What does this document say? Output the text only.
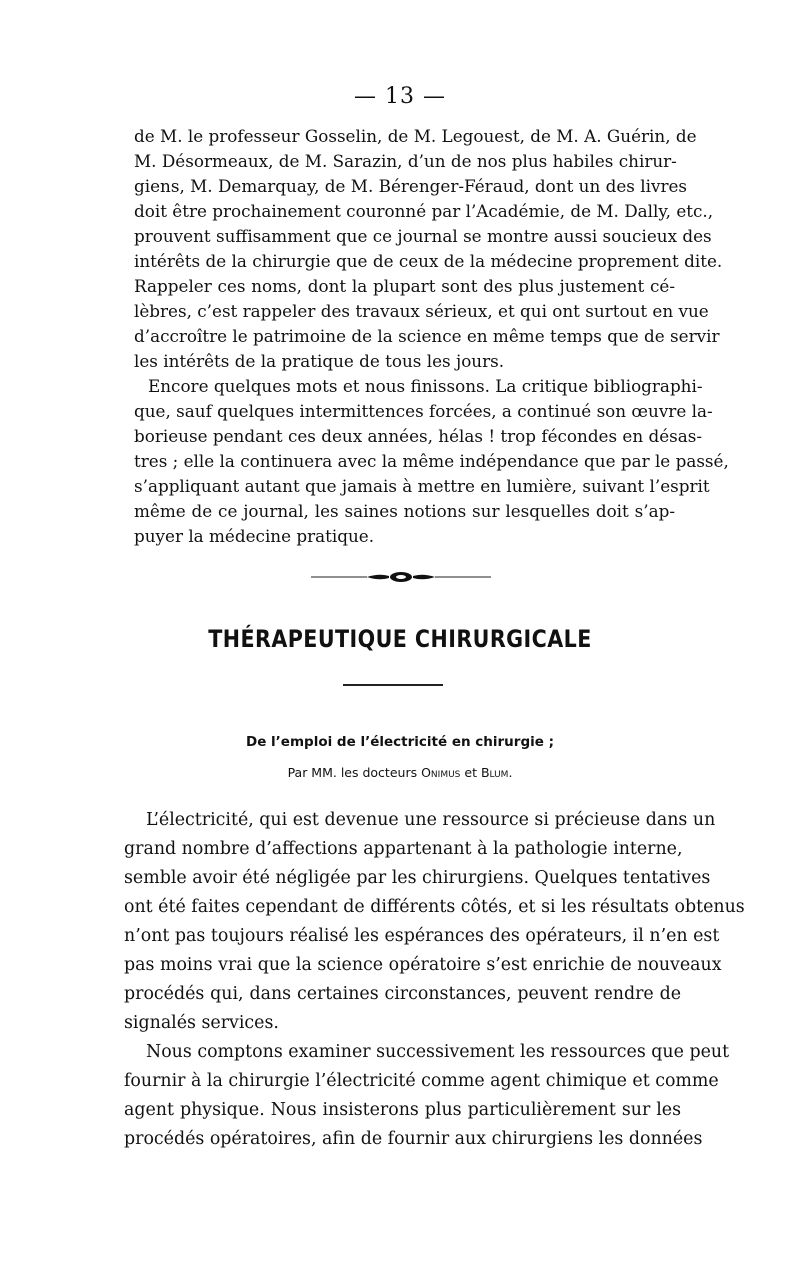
— 13 —
de M. le professeur Gosselin, de M. Legouest, de M. A. Guérin, de
M. Désormeaux, de M. Sarazin, d’un de nos plus habiles chirur-
giens, M. Demarquay, de M. Bérenger-Féraud, dont un des livres
doit être prochainement couronné par l’Académie, de M. Dally, etc.,
prouvent suffisamment que ce journal se montre aussi soucieux des
intérêts de la chirurgie que de ceux de la médecine proprement dite.
Rappeler ces noms, dont la plupart sont des plus justement cé-
lèbres, c’est rappeler des travaux sérieux, et qui ont surtout en vue
d’accroître le patrimoine de la science en même temps que de servir
les intérêts de la pratique de tous les jours.
Encore quelques mots et nous finissons. La critique bibliographi-
que, sauf quelques intermittences forcées, a continué son œuvre la-
borieuse pendant ces deux années, hélas ! trop fécondes en désas-
tres ; elle la continuera avec la même indépendance que par le passé,
s’appliquant autant que jamais à mettre en lumière, suivant l’esprit
même de ce journal, les saines notions sur lesquelles doit s’ap-
puyer la médecine pratique.
THÉRAPEUTIQUE CHIRURGICALE
De l’emploi de l’électricité en chirurgie ;
Par MM. les docteurs Onimus et Blum.
L’électricité, qui est devenue une ressource si précieuse dans un
grand nombre d’affections appartenant à la pathologie interne,
semble avoir été négligée par les chirurgiens. Quelques tentatives
ont été faites cependant de différents côtés, et si les résultats obtenus
n’ont pas toujours réalisé les espérances des opérateurs, il n’en est
pas moins vrai que la science opératoire s’est enrichie de nouveaux
procédés qui, dans certaines circonstances, peuvent rendre de
signalés services.
Nous comptons examiner successivement les ressources que peut
fournir à la chirurgie l’électricité comme agent chimique et comme
agent physique. Nous insisterons plus particulièrement sur les
procédés opératoires, afin de fournir aux chirurgiens les données
